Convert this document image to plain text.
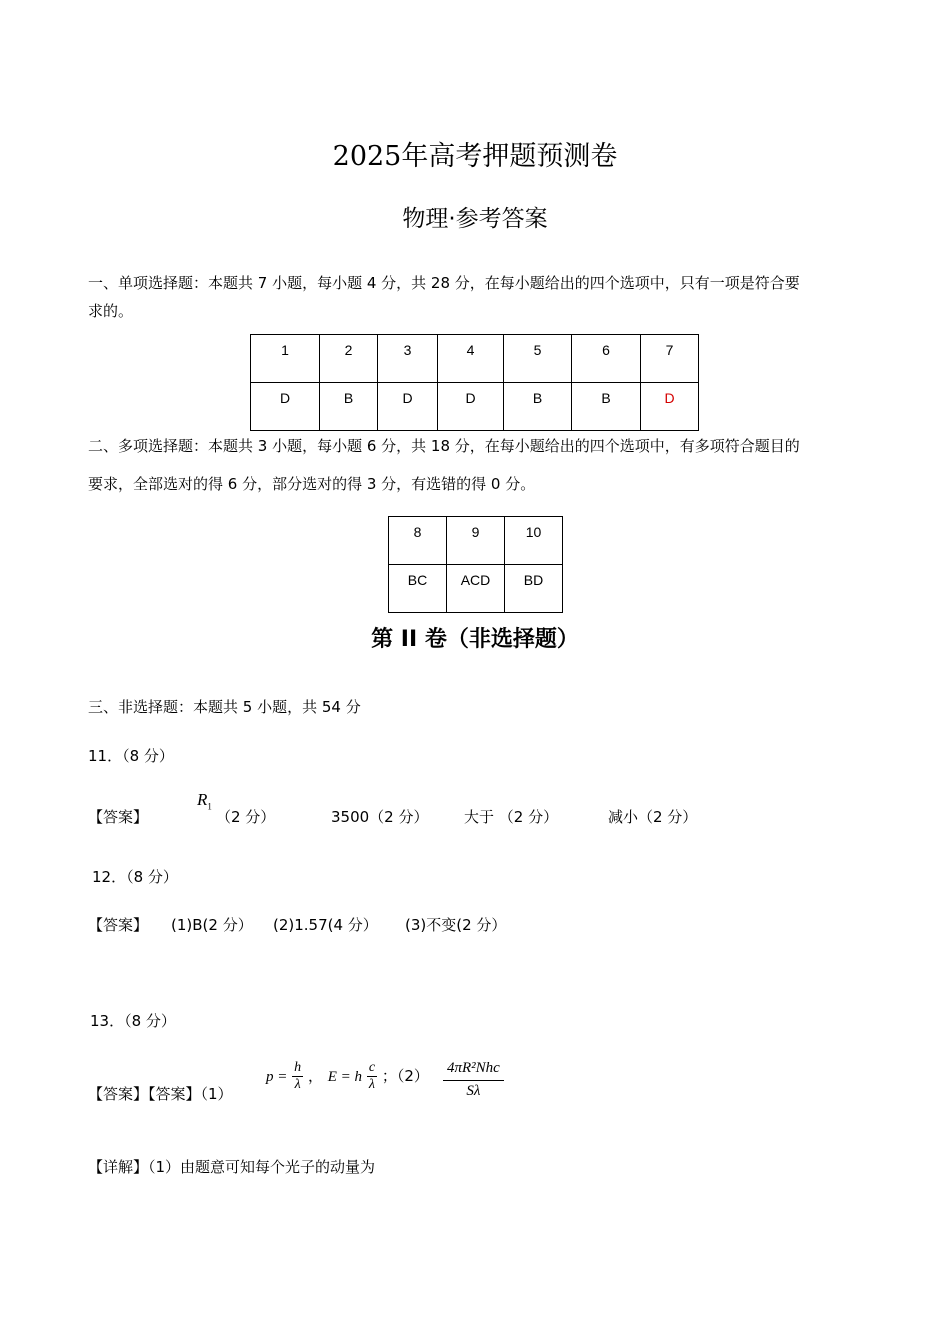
2025年高考押题预测卷
物理·参考答案
一、单项选择题：本题共 7 小题，每小题 4 分，共 28 分，在每小题给出的四个选项中，只有一项是符合要
求的。
1	2	3	4	5	6	7
D	B	D	D	B	B	D
二、多项选择题：本题共 3 小题，每小题 6 分，共 18 分，在每小题给出的四个选项中，有多项符合题目的
要求，全部选对的得 6 分，部分选对的得 3 分，有选错的得 0 分。
8	9	10
BC	ACD	BD
第 II 卷（非选择题）
三、非选择题：本题共 5 小题，共 54 分
11．（8 分）
【答案】
$R_1$
（2 分）	3500（2 分） 大于 （2 分）	减小（2 分）
12．（8 分）
【答案】 (1)B(2 分） (2)1.57(4 分） (3)不变(2 分）
13．（8 分）
【答案】【答案】（1）
$p = \frac{h}{\lambda}$ ， E = h $\frac{c}{\lambda}$ ；$(2) \frac{\text{4πR²Nhc}}{S\lambda}$
【详解】（1）由题意可知每个光子的动量为
